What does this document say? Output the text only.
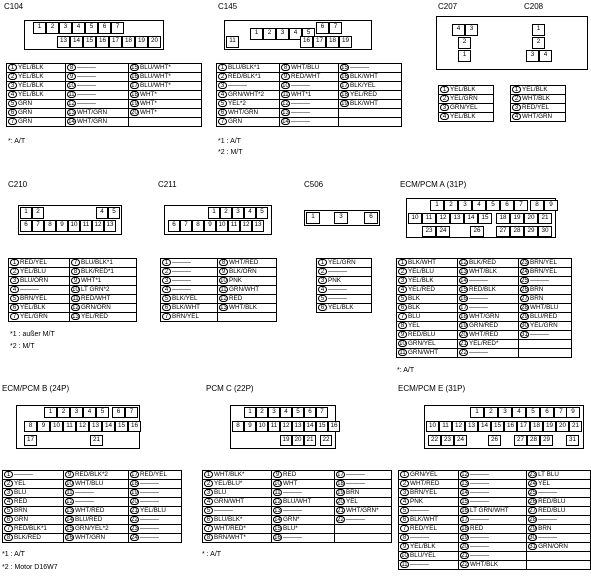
C104	C145	C207	C208
C210	C211	C506	ECM/PCM A (31P)
ECM/PCM B (24P)	PCM C (22P)	ECM/PCM E (31P)
*: A/T	*1 : A/T
*2 : M/T
*1 : außer M/T
*2 : M/T
*: A/T
*1 : A/T
*2 : Motor D16W7
* : A/T
1	2	3	4	5	6	7
13 14 15 16 17 18 19 20
6	7
1	2	3	4	5
11	16 17 18 19
4	3
2
1
1
2
3	4
1	2	4	5
6	7	8	9	10 11 12 13
1	2	3	4	5
6	7	8	9	10 11 12 13
1	3	6
1	2	3	4	5	6	7	8	9
10	11	12	13	14	15	18	19	20	21
23	24	26	27	28	29	30
1	2	3	4	5	6	7
8	9	10 11 12 13 14 15 16
17	21
1	2	3	4	5	6	7
8	9	10 11 12 13 14 15 16
19 20 21	22
1	2	3	4	5	6	7	9
10 11 12 13 14 15 16 17 18 19 20 21
22 23 24	26	27 28 29	31
1 YEL/BLK	8 ———	15 BLU/WHT*
2 YEL/BLK	9 ———	16 BLU/WHT*
3 YEL/BLK	10 ———	17 BLU/WHT*
4 YEL/BLK	11 ———	18 WHT*
5 GRN	12 ———	19 WHT*
6 GRN	13 WHT/GRN	20 WHT*
7 GRN	14 WHT/GRN	
1 BLU/BLK*1	8 WHT/BLU	15 ———
2 RED/BLK*1	9 RED/WHT	16 BLK/WHT
3 ———	10 ———	17 BLK/YEL
4 GRN/WHT*2	11 WHT*1	18 YEL/RED
5 YEL*2	12 ———	19 BLK/WHT
6 WHT/GRN	13 ———	
7 GRN	14 ———	
1 YEL/BLK
2 YEL/GRN
3 GRN/YEL
4 YEL/BLK
1 YEL/BLK
2 WHT/BLK
3 RED/YEL
4 WHT/GRN
1 RED/YEL	7 BLU/BLK*1
2 YEL/BLU	8 BLK/RED*1
3 BLU/ORN	9 WHT*1
4 ———	10 LT GRN*2
5 BRN/YEL	11 RED/WHT
6 YEL/BLK	12 GRN/ORN
7 YEL/GRN	13 YEL/RED
1 ———	8 WHT/RED
2 ———	9 BLK/ORN
3 ———	10 PNK
4 ———	11 GRN/WHT
5 BLK/YEL	12 RED
6 BLK/WHT	13 WHT/BLK
7 BRN/YEL	
1 YEL/GRN
2 ———
3 PNK
4 ———
5 ———
6 YEL/BLK
1 BLK/WHT	12 BLK/RED	23 BRN/YEL
2 YEL/BLU	13 WHT/BLK	24 BRN/YEL
3 YEL/BLK	14 ———	25 ———
4 YEL/RED	15 RED/BLK	26 BRN
5 BLK	16 ———	27 BRN
6 BLK	17 ———	28 WHT/BLU
7 BLU	18 WHT/GRN	29 BLU/RED
8 YEL	19 GRN/RED	30 YEL/GRN
9 RED/BLU	20 WHT/RED	31 ———
10 GRN/YEL	21 YEL/RED*	
11 GRN/WHT	22 ———	
1 ———	9 RED/BLK*2	17 RED/YEL
2 YEL	10 WHT/BLU	18 ———
3 BLU	11 ———	19 ———
4 RED	12 ———	20 ———
5 BRN	13 WHT/RED	21 YEL/BLU
6 GRN	14 BLU/RED	22 ———
7 RED/BLK*1	15 GRN/YEL*2	23 ———
8 BLK/RED	16 WHT/GRN	24 ———
1 WHT/BLK*	9 RED	17 ———
2 YEL/BLU*	10 WHT	18 ———
3 BLU	11 ———	19 BRN
4 GRN/WHT	12 BLU/WHT	20 YEL
5 ———	13 ———	21 WHT/GRN*
6 BLU/BLK*	14 GRN*	22 ———
7 WHT/RED*	15 BLU*	
8 BRN/WHT*	16 ———	
1 GRN/YEL	12 ———	23 LT BLU
2 WHT/RED	13 ———	24 YEL
3 BRN/YEL	14 ———	25 ———
4 PNK	15 ———	26 RED/BLU
5 ———	16 LT GRN/WHT	27 RED/BLU
6 BLK/WHT	17 ———	28 ———
7 RED/YEL	18 RED	29 BRN
8 ———	19 ———	30 ———
9 YEL/BLK	20 ———	31 GRN/ORN
10 BLU/YEL	21 ———	
11 ———	22 WHT/BLK	
